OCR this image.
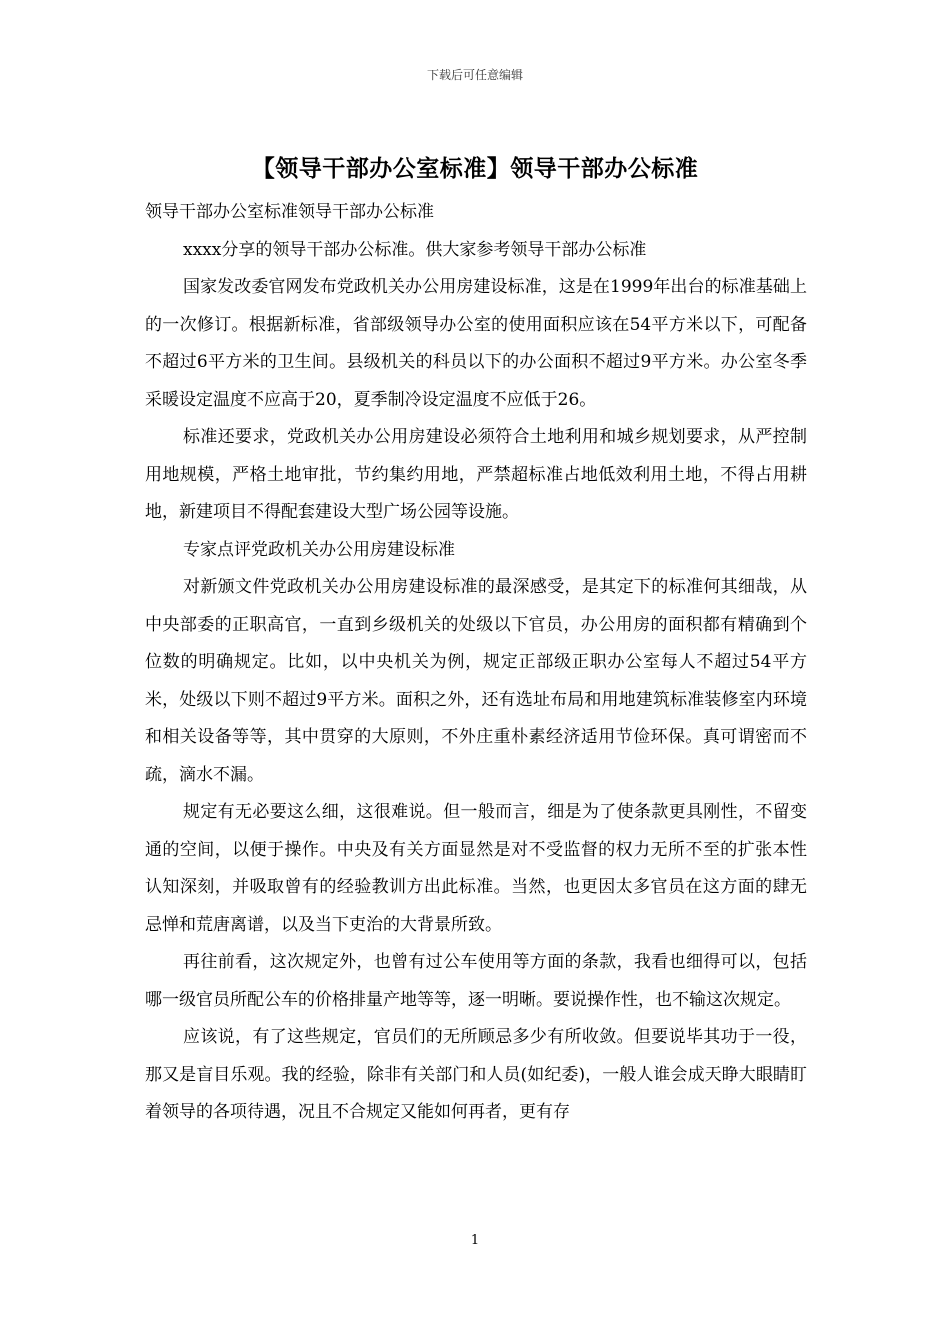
下载后可任意编辑
【领导干部办公室标准】领导干部办公标准

领导干部办公室标准领导干部办公标准

xxxx分享的领导干部办公标准。供大家参考领导干部办公标准

国家发改委官网发布党政机关办公用房建设标准，这是在1999年出台的标准基础上的一次修订。根据新标准，省部级领导办公室的使用面积应该在54平方米以下，可配备不超过6平方米的卫生间。县级机关的科员以下的办公面积不超过9平方米。办公室冬季采暖设定温度不应高于20，夏季制冷设定温度不应低于26。

标准还要求，党政机关办公用房建设必须符合土地利用和城乡规划要求，从严控制用地规模，严格土地审批，节约集约用地，严禁超标准占地低效利用土地，不得占用耕地，新建项目不得配套建设大型广场公园等设施。

专家点评党政机关办公用房建设标准

对新颁文件党政机关办公用房建设标准的最深感受，是其定下的标准何其细哉，从中央部委的正职高官，一直到乡级机关的处级以下官员，办公用房的面积都有精确到个位数的明确规定。比如，以中央机关为例，规定正部级正职办公室每人不超过54平方米，处级以下则不超过9平方米。面积之外，还有选址布局和用地建筑标准装修室内环境和相关设备等等，其中贯穿的大原则，不外庄重朴素经济适用节俭环保。真可谓密而不疏，滴水不漏。

规定有无必要这么细，这很难说。但一般而言，细是为了使条款更具刚性，不留变通的空间，以便于操作。中央及有关方面显然是对不受监督的权力无所不至的扩张本性认知深刻，并吸取曾有的经验教训方出此标准。当然，也更因太多官员在这方面的肆无忌惮和荒唐离谱，以及当下吏治的大背景所致。

再往前看，这次规定外，也曾有过公车使用等方面的条款，我看也细得可以，包括哪一级官员所配公车的价格排量产地等等，逐一明晰。要说操作性，也不输这次规定。

应该说，有了这些规定，官员们的无所顾忌多少有所收敛。但要说毕其功于一役，那又是盲目乐观。我的经验，除非有关部门和人员(如纪委)，一般人谁会成天睁大眼睛盯着领导的各项待遇，况且不合规定又能如何再者，更有存

1
